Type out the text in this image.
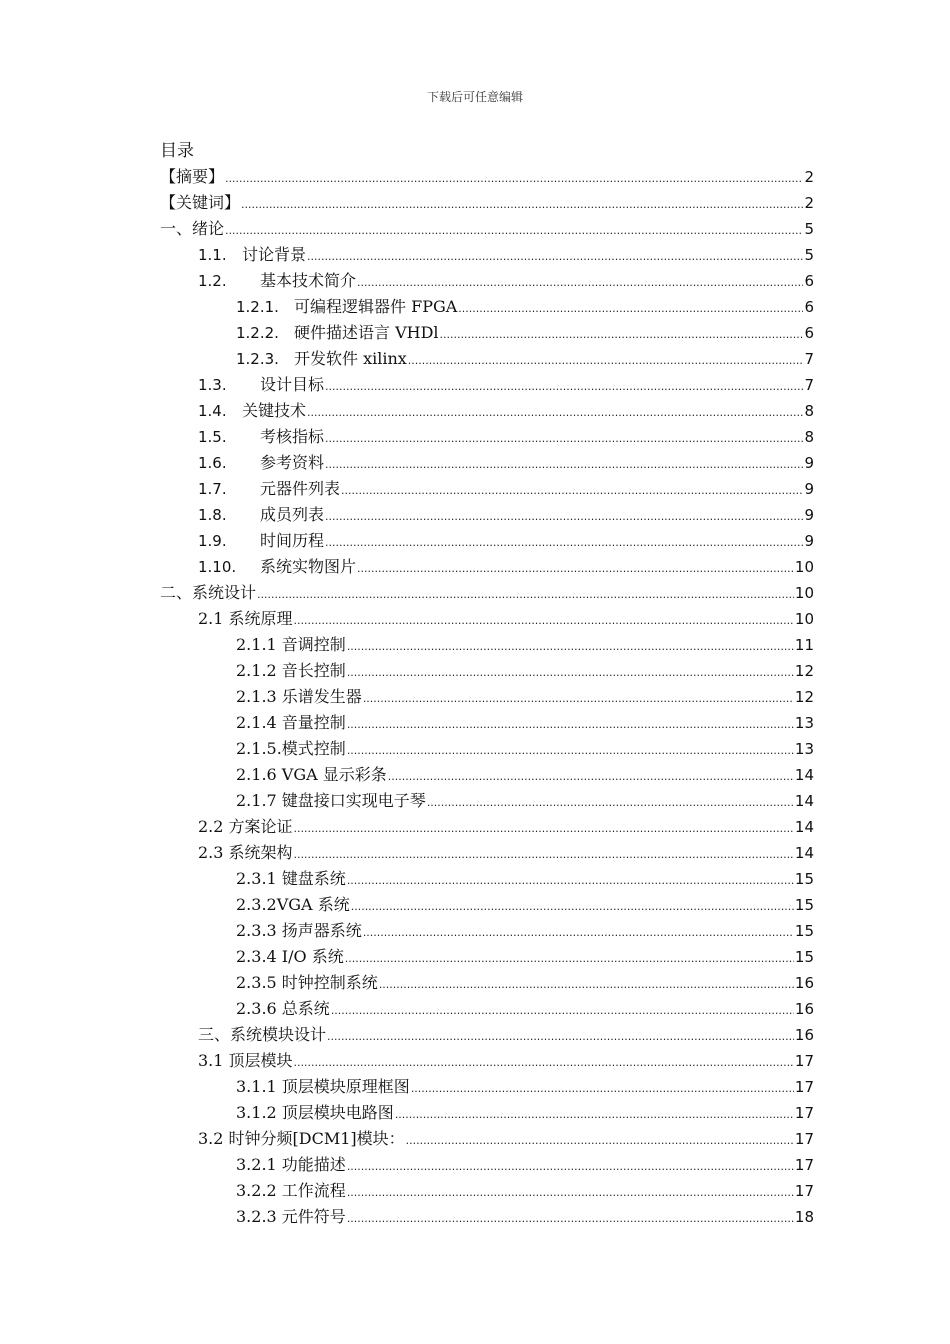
下载后可任意编辑
目录
【摘要】 .....	2
【关键词】 .....	2
一、绪论 .....	5
1.1. 讨论背景 .....	5
1.2.	基本技术简介 .....	6
1.2.1. 可编程逻辑器件 FPGA .....	6
1.2.2. 硬件描述语言 VHDl .....	6
1.2.3. 开发软件 xilinx .....	7
1.3.	设计目标 .....	7
1.4. 关键技术 .....	8
1.5.	考核指标 .....	8
1.6.	参考资料 .....	9
1.7.	元器件列表 .....	9
1.8.	成员列表 .....	9
1.9.	时间历程 .....	9
1.10.	系统实物图片 .....	10
二、系统设计 .....	10
2.1 系统原理 .....	10
2.1.1 音调控制 .....	11
2.1.2 音长控制 .....	12
2.1.3 乐谱发生器 .....	12
2.1.4 音量控制 .....	13
2.1.5.模式控制 .....	13
2.1.6 VGA 显示彩条 .....	14
2.1.7 键盘接口实现电子琴 .....	14
2.2 方案论证 .....	14
2.3 系统架构 .....	14
2.3.1 键盘系统 .....	15
2.3.2VGA 系统 .....	15
2.3.3 扬声器系统 .....	15
2.3.4 I/O 系统 .....	15
2.3.5 时钟控制系统 .....	16
2.3.6 总系统 .....	16
三、系统模块设计 .....	16
3.1 顶层模块 .....	17
3.1.1 顶层模块原理框图 .....	17
3.1.2 顶层模块电路图 .....	17
3.2 时钟分频[DCM1]模块： .....	17
3.2.1 功能描述 .....	17
3.2.2 工作流程 .....	17
3.2.3 元件符号 .....	18
